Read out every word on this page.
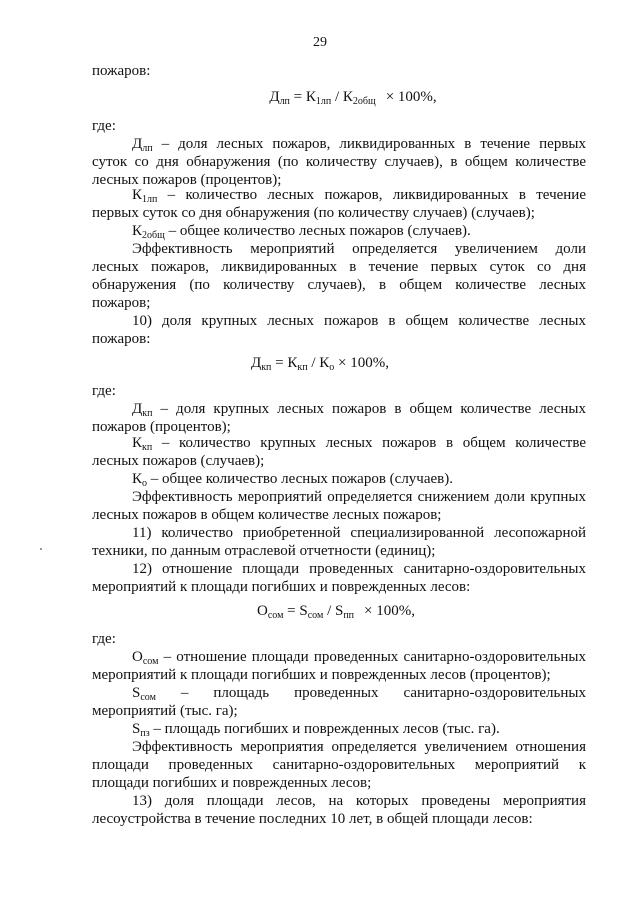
29
пожаров:
$Д_{лп} = К_{1лп} / К_{2общ} \times 100\%$,
где:
$Д_{лп}$ – доля лесных пожаров, ликвидированных в течение первых
суток со дня обнаружения (по количеству случаев), в общем количестве
лесных пожаров (процентов);
$К_{1лп}$ – количество лесных пожаров, ликвидированных в течение
первых суток со дня обнаружения (по количеству случаев) (случаев);
$К_{2общ}$ – общее количество лесных пожаров (случаев).
Эффективность мероприятий определяется увеличением доли
лесных пожаров, ликвидированных в течение первых суток со дня
обнаружения (по количеству случаев), в общем количестве лесных
пожаров;
10) доля крупных лесных пожаров в общем количестве лесных
пожаров:
$Д_{кп} = К_{кп} / К_о \times 100\%$,
где:
$Д_{кп}$ – доля крупных лесных пожаров в общем количестве лесных
пожаров (процентов);
$К_{кп}$ – количество крупных лесных пожаров в общем количестве
лесных пожаров (случаев);
$К_о$ – общее количество лесных пожаров (случаев).
Эффективность мероприятий определяется снижением доли крупных
лесных пожаров в общем количестве лесных пожаров;
11) количество приобретенной специализированной лесопожарной
техники, по данным отраслевой отчетности (единиц);
12) отношение площади проведенных санитарно-оздоровительных
мероприятий к площади погибших и поврежденных лесов:
$О_{сом} = S_{сом} / S_{пп} \times 100\%$,
где:
$О_{сом}$ – отношение площади проведенных санитарно-оздоровительных
мероприятий к площади погибших и поврежденных лесов (процентов);
$S_{сом}$ – площадь проведенных санитарно-оздоровительных
мероприятий (тыс. га);
$S_{пз}$ – площадь погибших и поврежденных лесов (тыс. га).
Эффективность мероприятия определяется увеличением отношения
площади проведенных санитарно-оздоровительных мероприятий к
площади погибших и поврежденных лесов;
13) доля площади лесов, на которых проведены мероприятия
лесоустройства в течение последних 10 лет, в общей площади лесов:
